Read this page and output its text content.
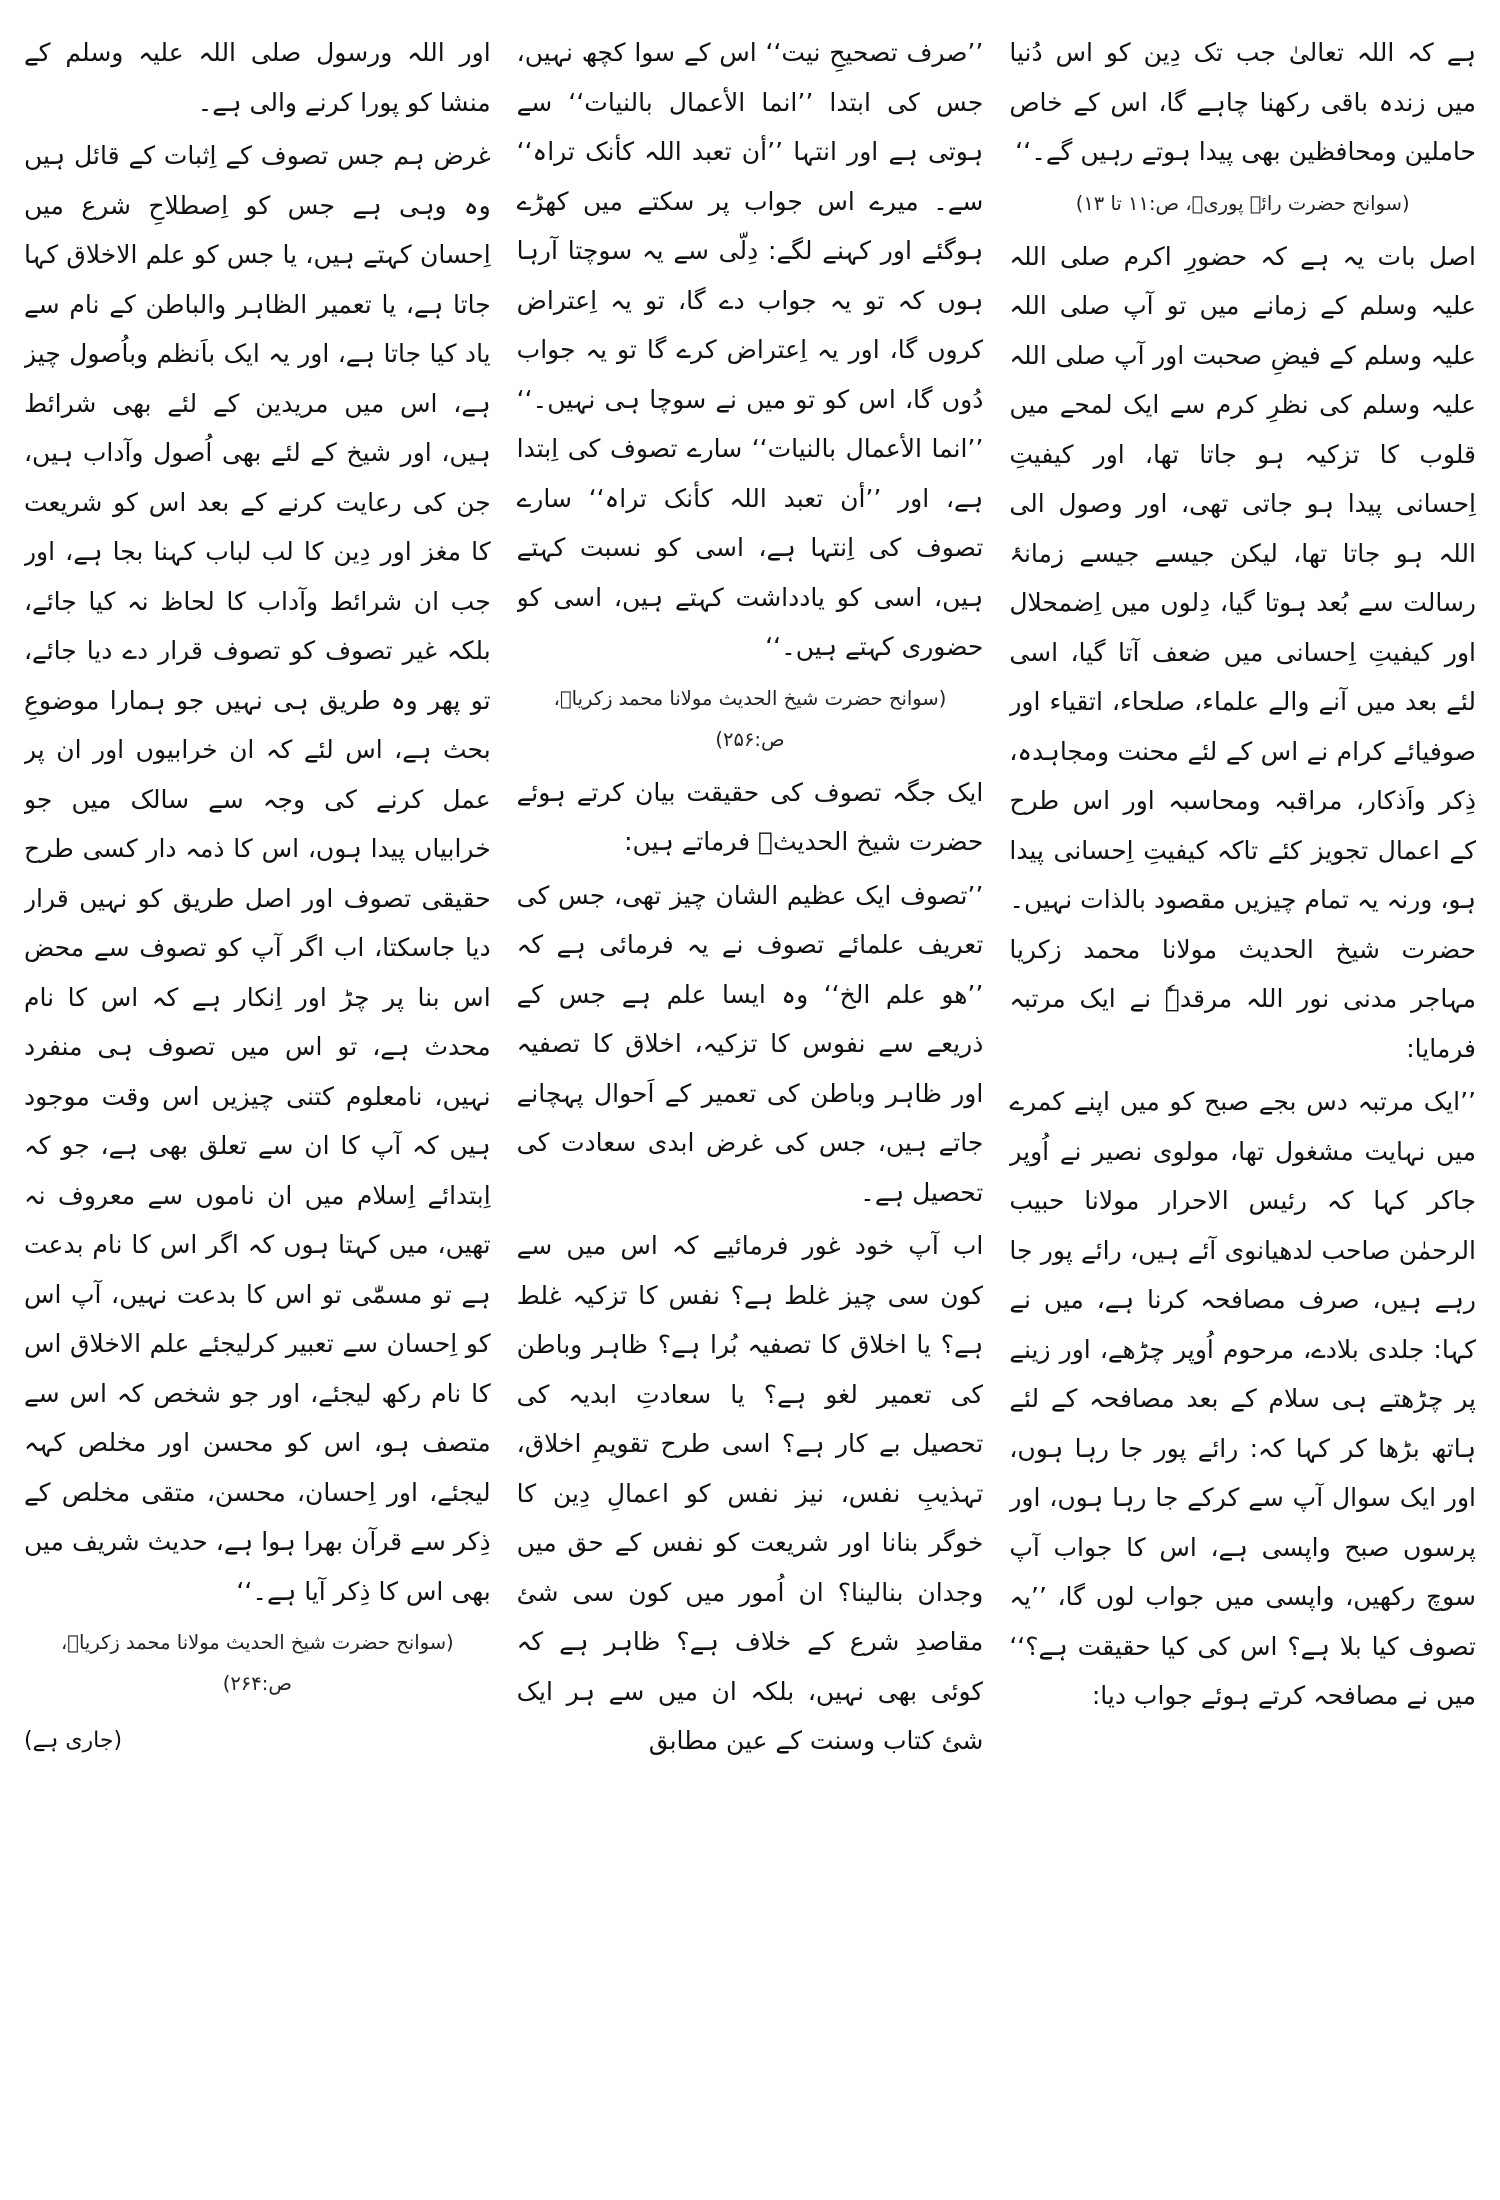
ہے کہ اللہ تعالیٰ جب تک دِین کو اس دُنیا میں زندہ باقی رکھنا چاہے گا، اس کے خاص حاملین ومحافظین بھی پیدا ہوتے رہیں گے۔‘‘

(سوانح حضرت رائے پوریؒ، ص:۱۱ تا ۱۳)

اصل بات یہ ہے کہ حضورِ اکرم صلی اللہ علیہ وسلم کے زمانے میں تو آپ صلی اللہ علیہ وسلم کے فیضِ صحبت اور آپ صلی اللہ علیہ وسلم کی نظرِ کرم سے ایک لمحے میں قلوب کا تزکیہ ہو جاتا تھا، اور کیفیتِ اِحسانی پیدا ہو جاتی تھی، اور وصول الی اللہ ہو جاتا تھا، لیکن جیسے جیسے زمانۂ رسالت سے بُعد ہوتا گیا، دِلوں میں اِضمحلال اور کیفیتِ اِحسانی میں ضعف آتا گیا، اسی لئے بعد میں آنے والے علماء، صلحاء، اتقیاء اور صوفیائے کرام نے اس کے لئے محنت ومجاہدہ، ذِکر واَذکار، مراقبہ ومحاسبہ اور اس طرح کے اعمال تجویز کئے تاکہ کیفیتِ اِحسانی پیدا ہو، ورنہ یہ تمام چیزیں مقصود بالذات نہیں۔ حضرت شیخ الحدیث مولانا محمد زکریا مہاجر مدنی نور اللہ مرقدہٗ نے ایک مرتبہ فرمایا:

’’ایک مرتبہ دس بجے صبح کو میں اپنے کمرے میں نہایت مشغول تھا، مولوی نصیر نے اُوپر جاکر کہا کہ رئیس الاحرار مولانا حبیب الرحمٰن صاحب لدھیانوی آئے ہیں، رائے پور جا رہے ہیں، صرف مصافحہ کرنا ہے، میں نے کہا: جلدی بلادے، مرحوم اُوپر چڑھے، اور زینے پر چڑھتے ہی سلام کے بعد مصافحہ کے لئے ہاتھ بڑھا کر کہا کہ: رائے پور جا رہا ہوں، اور ایک سوال آپ سے کرکے جا رہا ہوں، اور پرسوں صبح واپسی ہے، اس کا جواب آپ سوچ رکھیں، واپسی میں جواب لوں گا، ’’یہ تصوف کیا بلا ہے؟ اس کی کیا حقیقت ہے؟‘‘ میں نے مصافحہ کرتے ہوئے جواب دیا:

’’صرف تصحیحِ نیت‘‘ اس کے سوا کچھ نہیں، جس کی ابتدا ’’انما الأعمال بالنیات‘‘ سے ہوتی ہے اور انتہا ’’أن تعبد اللہ کأنک تراہ‘‘ سے۔ میرے اس جواب پر سکتے میں کھڑے ہوگئے اور کہنے لگے: دِلّی سے یہ سوچتا آرہا ہوں کہ تو یہ جواب دے گا، تو یہ اِعتراض کروں گا، اور یہ اِعتراض کرے گا تو یہ جواب دُوں گا، اس کو تو میں نے سوچا ہی نہیں۔‘‘ ’’انما الأعمال بالنیات‘‘ سارے تصوف کی اِبتدا ہے، اور ’’أن تعبد اللہ کأنک تراہ‘‘ سارے تصوف کی اِنتہا ہے، اسی کو نسبت کہتے ہیں، اسی کو یادداشت کہتے ہیں، اسی کو حضوری کہتے ہیں۔‘‘

(سوانح حضرت شیخ الحدیث مولانا محمد زکریاؒ، ص:۲۵۶)

ایک جگہ تصوف کی حقیقت بیان کرتے ہوئے حضرت شیخ الحدیثؒ فرماتے ہیں:

’’تصوف ایک عظیم الشان چیز تھی، جس کی تعریف علمائے تصوف نے یہ فرمائی ہے کہ ’’ھو علم الخ‘‘ وہ ایسا علم ہے جس کے ذریعے سے نفوس کا تزکیہ، اخلاق کا تصفیہ اور ظاہر وباطن کی تعمیر کے اَحوال پہچانے جاتے ہیں، جس کی غرض ابدی سعادت کی تحصیل ہے۔

اب آپ خود غور فرمائیے کہ اس میں سے کون سی چیز غلط ہے؟ نفس کا تزکیہ غلط ہے؟ یا اخلاق کا تصفیہ بُرا ہے؟ ظاہر وباطن کی تعمیر لغو ہے؟ یا سعادتِ ابدیہ کی تحصیل بے کار ہے؟ اسی طرح تقویمِ اخلاق، تہذیبِ نفس، نیز نفس کو اعمالِ دِین کا خوگر بنانا اور شریعت کو نفس کے حق میں وجدان بنالینا؟ ان اُمور میں کون سی شئ مقاصدِ شرع کے خلاف ہے؟ ظاہر ہے کہ کوئی بھی نہیں، بلکہ ان میں سے ہر ایک شئ کتاب وسنت کے عین مطابق

اور اللہ ورسول صلی اللہ علیہ وسلم کے منشا کو پورا کرنے والی ہے۔

غرض ہم جس تصوف کے اِثبات کے قائل ہیں وہ وہی ہے جس کو اِصطلاحِ شرع میں اِحسان کہتے ہیں، یا جس کو علم الاخلاق کہا جاتا ہے، یا تعمیر الظاہر والباطن کے نام سے یاد کیا جاتا ہے، اور یہ ایک باَنظم وباُصول چیز ہے، اس میں مریدین کے لئے بھی شرائط ہیں، اور شیخ کے لئے بھی اُصول وآداب ہیں، جن کی رعایت کرنے کے بعد اس کو شریعت کا مغز اور دِین کا لب لباب کہنا بجا ہے، اور جب ان شرائط وآداب کا لحاظ نہ کیا جائے، بلکہ غیر تصوف کو تصوف قرار دے دیا جائے، تو پھر وہ طریق ہی نہیں جو ہمارا موضوعِ بحث ہے، اس لئے کہ ان خرابیوں اور ان پر عمل کرنے کی وجہ سے سالک میں جو خرابیاں پیدا ہوں، اس کا ذمہ دار کسی طرح حقیقی تصوف اور اصل طریق کو نہیں قرار دیا جاسکتا، اب اگر آپ کو تصوف سے محض اس بنا پر چڑ اور اِنکار ہے کہ اس کا نام محدث ہے، تو اس میں تصوف ہی منفرد نہیں، نامعلوم کتنی چیزیں اس وقت موجود ہیں کہ آپ کا ان سے تعلق بھی ہے، جو کہ اِبتدائے اِسلام میں ان ناموں سے معروف نہ تھیں، میں کہتا ہوں کہ اگر اس کا نام بدعت ہے تو مسمّٰی تو اس کا بدعت نہیں، آپ اس کو اِحسان سے تعبیر کرلیجئے علم الاخلاق اس کا نام رکھ لیجئے، اور جو شخص کہ اس سے متصف ہو، اس کو محسن اور مخلص کہہ لیجئے، اور اِحسان، محسن، متقی مخلص کے ذِکر سے قرآن بھرا ہوا ہے، حدیث شریف میں بھی اس کا ذِکر آیا ہے۔‘‘

(سوانح حضرت شیخ الحدیث مولانا محمد زکریاؒ، ص:۲۶۴)

(جاری ہے)
